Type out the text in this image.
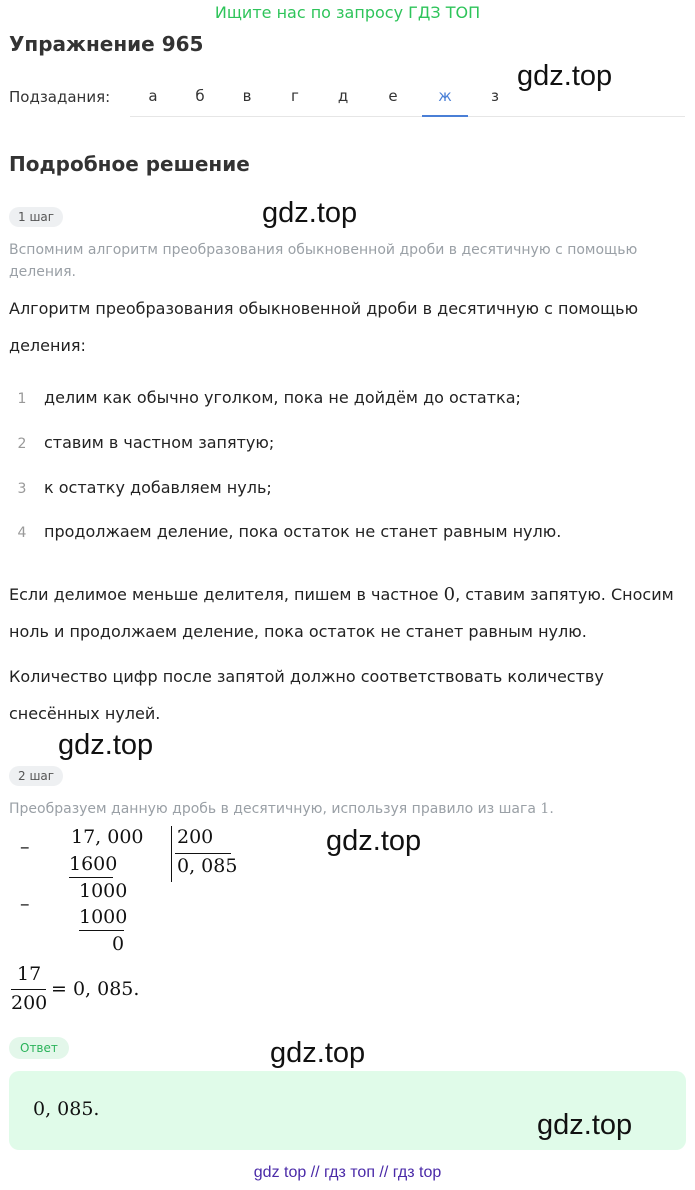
Ищите нас по запросу ГДЗ ТОП
Упражнение 965
Подзадания:	а	б	в	г	д	е	ж	з
gdz.top
Подробное решение
1 шаг	gdz.top
Вспомним алгоритм преобразования обыкновенной дроби в десятичную с помощью деления.
Алгоритм преобразования обыкновенной дроби в десятичную с помощью деления:
1 делим как обычно уголком, пока не дойдём до остатка;
2 ставим в частном запятую;
3 к остатку добавляем нуль;
4 продолжаем деление, пока остаток не станет равным нулю.
Если делимое меньше делителя, пишем в частное 0, ставим запятую. Сносим ноль и продолжаем деление, пока остаток не станет равным нулю.
Количество цифр после запятой должно соответствовать количеству снесённых нулей.
gdz.top
2 шаг
Преобразуем данную дробь в десятичную, используя правило из шага 1.
– 17, 000 200
0, 085
1600
1000
–
1000
0
gdz.top
17
200
= 0, 085.
Ответ	gdz.top
0, 085.	gdz.top
gdz top // гдз топ // гдз top
